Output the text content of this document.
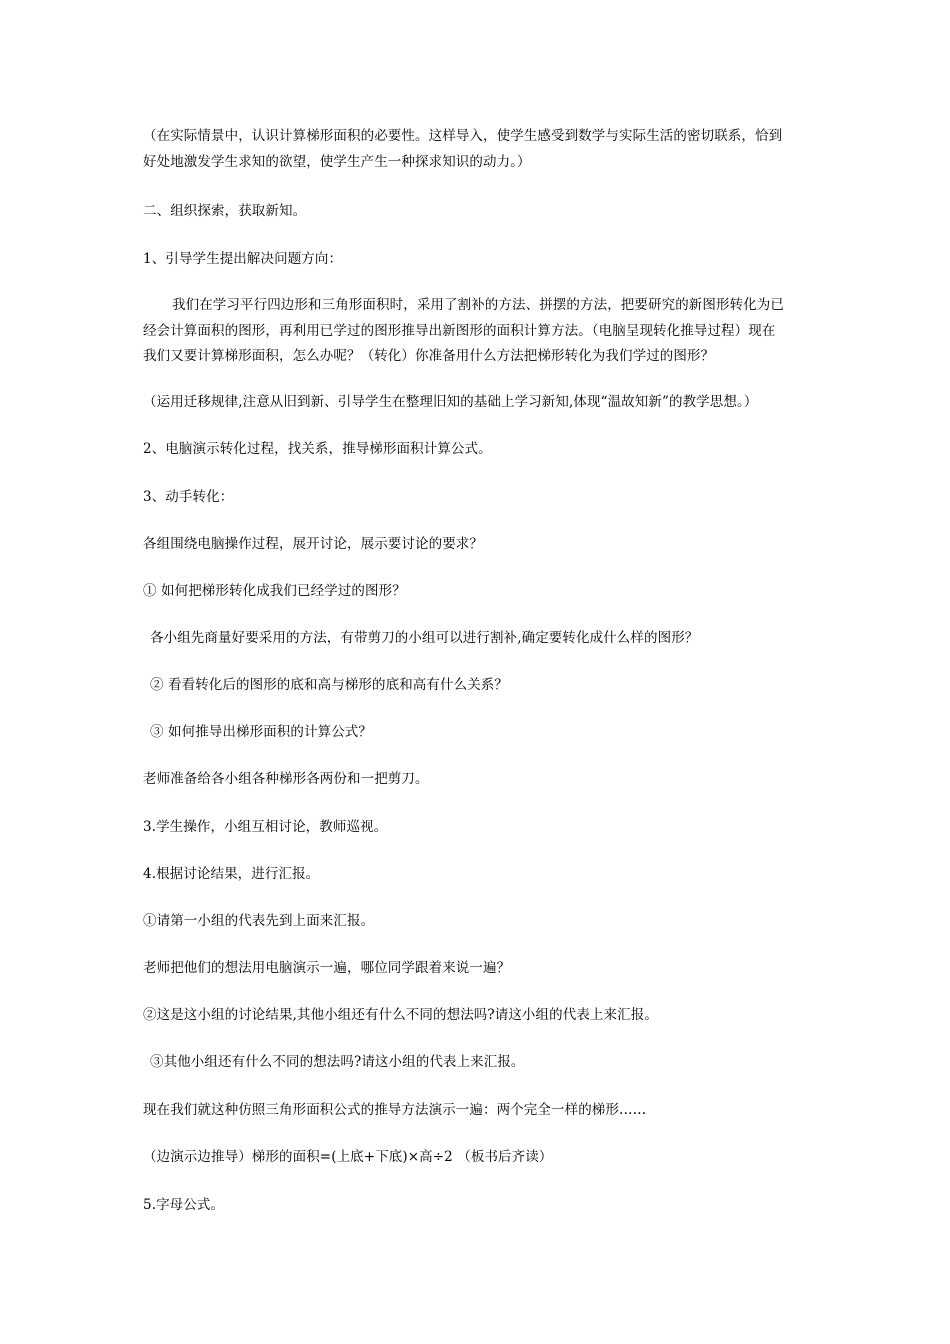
（在实际情景中，认识计算梯形面积的必要性。这样导入，使学生感受到数学与实际生活的密切联系，恰到
好处地激发学生求知的欲望，使学生产生一种探求知识的动力。）
二、组织探索，获取新知。
1、引导学生提出解决问题方向：
我们在学习平行四边形和三角形面积时，采用了割补的方法、拼摆的方法，把要研究的新图形转化为已
经会计算面积的图形，再利用已学过的图形推导出新图形的面积计算方法。（电脑呈现转化推导过程）现在
我们又要计算梯形面积，怎么办呢？（转化）你准备用什么方法把梯形转化为我们学过的图形？
（运用迁移规律,注意从旧到新、引导学生在整理旧知的基础上学习新知,体现“温故知新”的教学思想。）
2、电脑演示转化过程，找关系，推导梯形面积计算公式。
3、动手转化：
各组围绕电脑操作过程，展开讨论，展示要讨论的要求？
① 如何把梯形转化成我们已经学过的图形？
各小组先商量好要采用的方法，有带剪刀的小组可以进行割补,确定要转化成什么样的图形？
② 看看转化后的图形的底和高与梯形的底和高有什么关系？
③ 如何推导出梯形面积的计算公式？
老师准备给各小组各种梯形各两份和一把剪刀。
3.学生操作，小组互相讨论，教师巡视。
4.根据讨论结果，进行汇报。
①请第一小组的代表先到上面来汇报。
老师把他们的想法用电脑演示一遍，哪位同学跟着来说一遍？
②这是这小组的讨论结果,其他小组还有什么不同的想法吗?请这小组的代表上来汇报。
③其他小组还有什么不同的想法吗?请这小组的代表上来汇报。
现在我们就这种仿照三角形面积公式的推导方法演示一遍：两个完全一样的梯形……
（边演示边推导）梯形的面积=(上底+下底)×高÷2 （板书后齐读）
5.字母公式。
